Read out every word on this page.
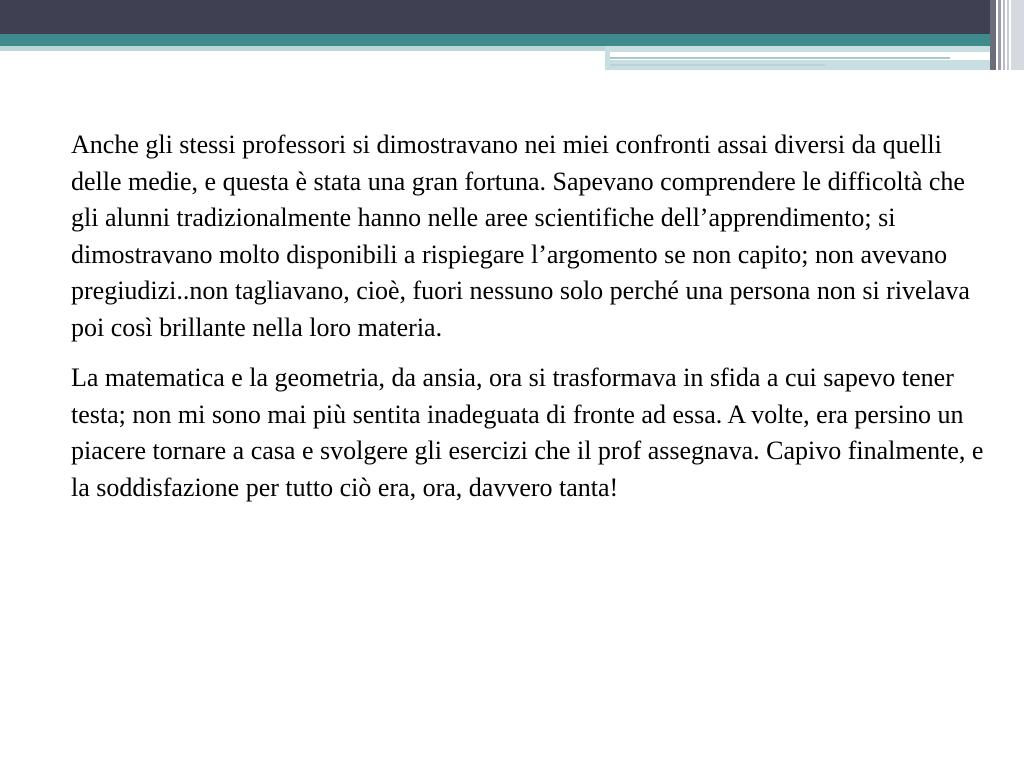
Anche gli stessi professori si dimostravano nei miei confronti assai diversi da quelli delle medie, e questa è stata una gran fortuna. Sapevano comprendere le difficoltà che gli alunni tradizionalmente hanno nelle aree scientifiche dell’apprendimento; si dimostravano molto disponibili a rispiegare l’argomento se non capito; non avevano pregiudizi..non tagliavano, cioè, fuori nessuno solo perché una persona non si rivelava poi così brillante nella loro materia.

La matematica e la geometria, da ansia, ora si trasformava in sfida a cui sapevo tener testa; non mi sono mai più sentita inadeguata di fronte ad essa. A volte, era persino un piacere tornare a casa e svolgere gli esercizi che il prof assegnava. Capivo finalmente, e la soddisfazione per tutto ciò era, ora, davvero tanta!
